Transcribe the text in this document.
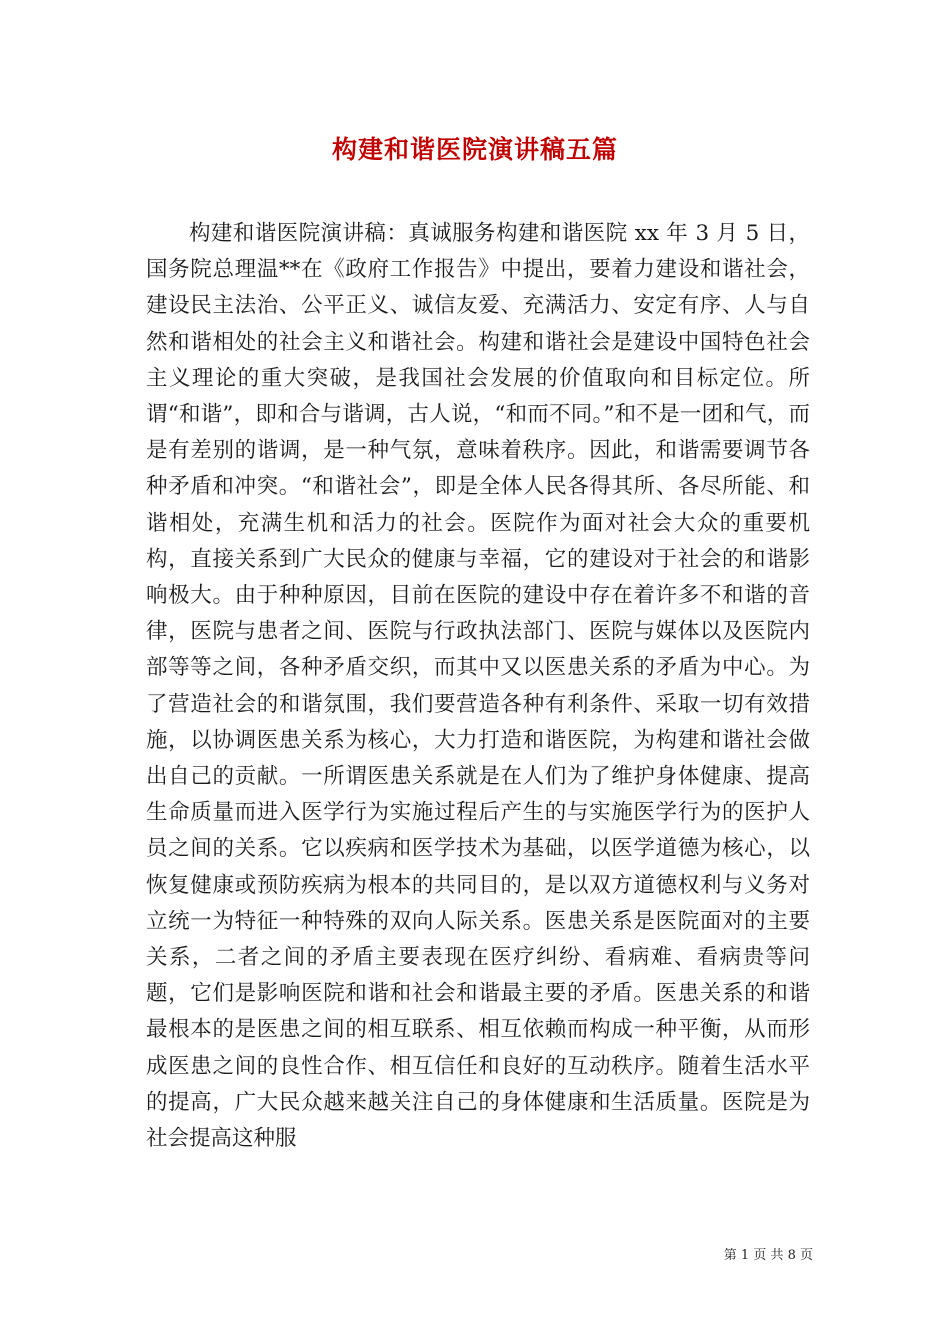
构建和谐医院演讲稿五篇

构建和谐医院演讲稿：真诚服务构建和谐医院 xx 年 3 月 5 日，国务院总理温**在《政府工作报告》中提出，要着力建设和谐社会，建设民主法治、公平正义、诚信友爱、充满活力、安定有序、人与自然和谐相处的社会主义和谐社会。构建和谐社会是建设中国特色社会主义理论的重大突破，是我国社会发展的价值取向和目标定位。所谓“和谐”，即和合与谐调，古人说，“和而不同。”和不是一团和气，而是有差别的谐调，是一种气氛，意味着秩序。因此，和谐需要调节各种矛盾和冲突。“和谐社会”，即是全体人民各得其所、各尽所能、和谐相处，充满生机和活力的社会。医院作为面对社会大众的重要机构，直接关系到广大民众的健康与幸福，它的建设对于社会的和谐影响极大。由于种种原因，目前在医院的建设中存在着许多不和谐的音律，医院与患者之间、医院与行政执法部门、医院与媒体以及医院内部等等之间，各种矛盾交织，而其中又以医患关系的矛盾为中心。为了营造社会的和谐氛围，我们要营造各种有利条件、采取一切有效措施，以协调医患关系为核心，大力打造和谐医院，为构建和谐社会做出自己的贡献。一所谓医患关系就是在人们为了维护身体健康、提高生命质量而进入医学行为实施过程后产生的与实施医学行为的医护人员之间的关系。它以疾病和医学技术为基础，以医学道德为核心，以恢复健康或预防疾病为根本的共同目的，是以双方道德权利与义务对立统一为特征一种特殊的双向人际关系。医患关系是医院面对的主要关系，二者之间的矛盾主要表现在医疗纠纷、看病难、看病贵等问题，它们是影响医院和谐和社会和谐最主要的矛盾。医患关系的和谐最根本的是医患之间的相互联系、相互依赖而构成一种平衡，从而形成医患之间的良性合作、相互信任和良好的互动秩序。随着生活水平的提高，广大民众越来越关注自己的身体健康和生活质量。医院是为社会提高这种服

第 1 页 共 8 页
